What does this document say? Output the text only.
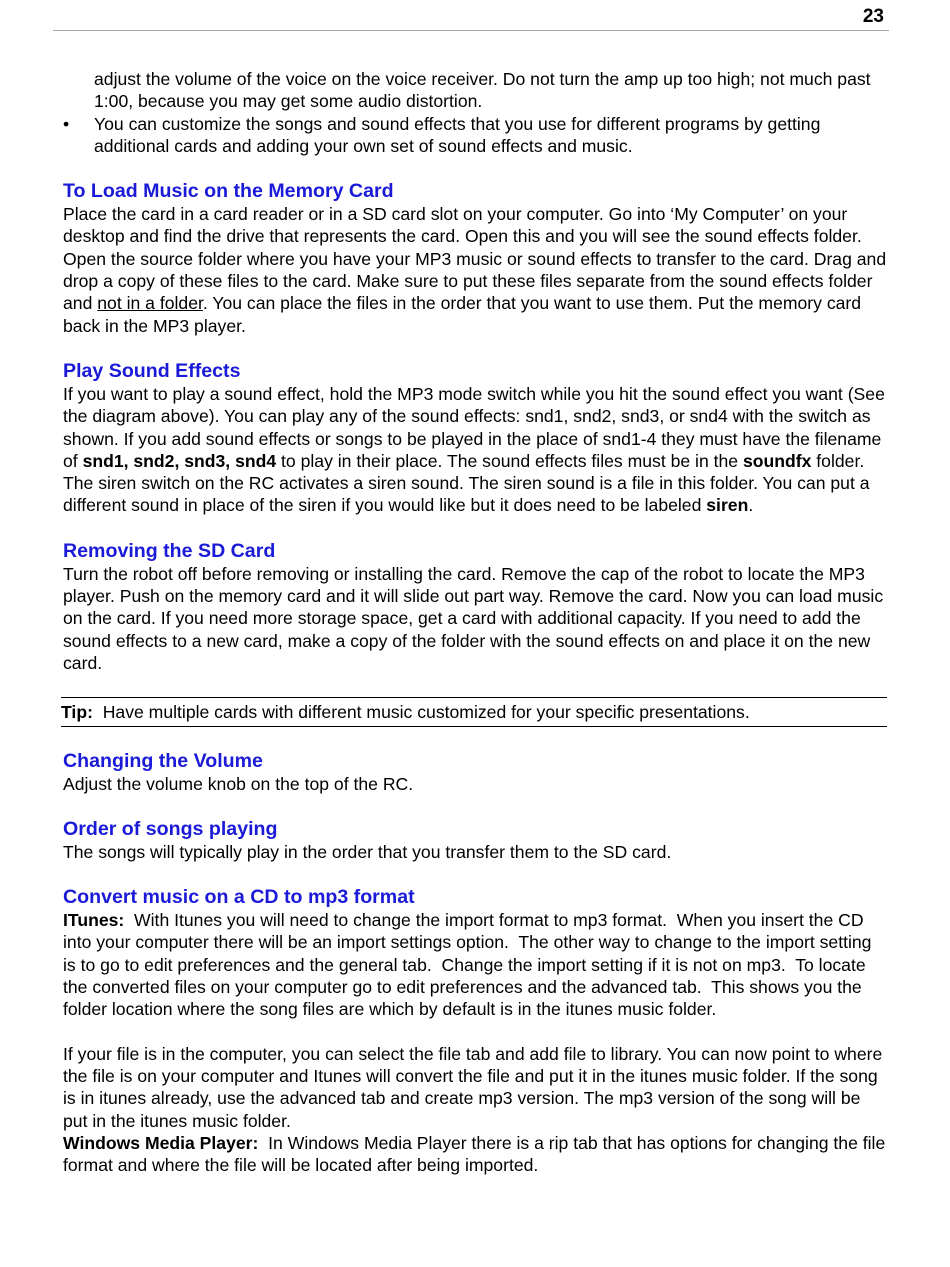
23

adjust the volume of the voice on the voice receiver. Do not turn the amp up too high; not much past 1:00, because you may get some audio distortion.

• You can customize the songs and sound effects that you use for different programs by getting additional cards and adding your own set of sound effects and music.
To Load Music on the Memory Card

Place the card in a card reader or in a SD card slot on your computer. Go into ‘My Computer’ on your desktop and find the drive that represents the card. Open this and you will see the sound effects folder. Open the source folder where you have your MP3 music or sound effects to transfer to the card. Drag and drop a copy of these files to the card. Make sure to put these files separate from the sound effects folder and not in a folder. You can place the files in the order that you want to use them. Put the memory card back in the MP3 player.

Play Sound Effects

If you want to play a sound effect, hold the MP3 mode switch while you hit the sound effect you want (See the diagram above). You can play any of the sound effects: snd1, snd2, snd3, or snd4 with the switch as shown. If you add sound effects or songs to be played in the place of snd1-4 they must have the filename of snd1, snd2, snd3, snd4 to play in their place. The sound effects files must be in the soundfx folder. The siren switch on the RC activates a siren sound. The siren sound is a file in this folder. You can put a different sound in place of the siren if you would like but it does need to be labeled siren.

Removing the SD Card

Turn the robot off before removing or installing the card. Remove the cap of the robot to locate the MP3 player. Push on the memory card and it will slide out part way. Remove the card. Now you can load music on the card. If you need more storage space, get a card with additional capacity. If you need to add the sound effects to a new card, make a copy of the folder with the sound effects on and place it on the new card.

Tip:  Have multiple cards with different music customized for your specific presentations.
Changing the Volume

Adjust the volume knob on the top of the RC.

Order of songs playing

The songs will typically play in the order that you transfer them to the SD card.

Convert music on a CD to mp3 format

ITunes:  With Itunes you will need to change the import format to mp3 format.  When you insert the CD into your computer there will be an import settings option.  The other way to change to the import setting is to go to edit preferences and the general tab.  Change the import setting if it is not on mp3.  To locate the converted files on your computer go to edit preferences and the advanced tab.  This shows you the folder location where the song files are which by default is in the itunes music folder.

If your file is in the computer, you can select the file tab and add file to library. You can now point to where the file is on your computer and Itunes will convert the file and put it in the itunes music folder. If the song is in itunes already, use the advanced tab and create mp3 version. The mp3 version of the song will be put in the itunes music folder.

Windows Media Player:  In Windows Media Player there is a rip tab that has options for changing the file format and where the file will be located after being imported.
